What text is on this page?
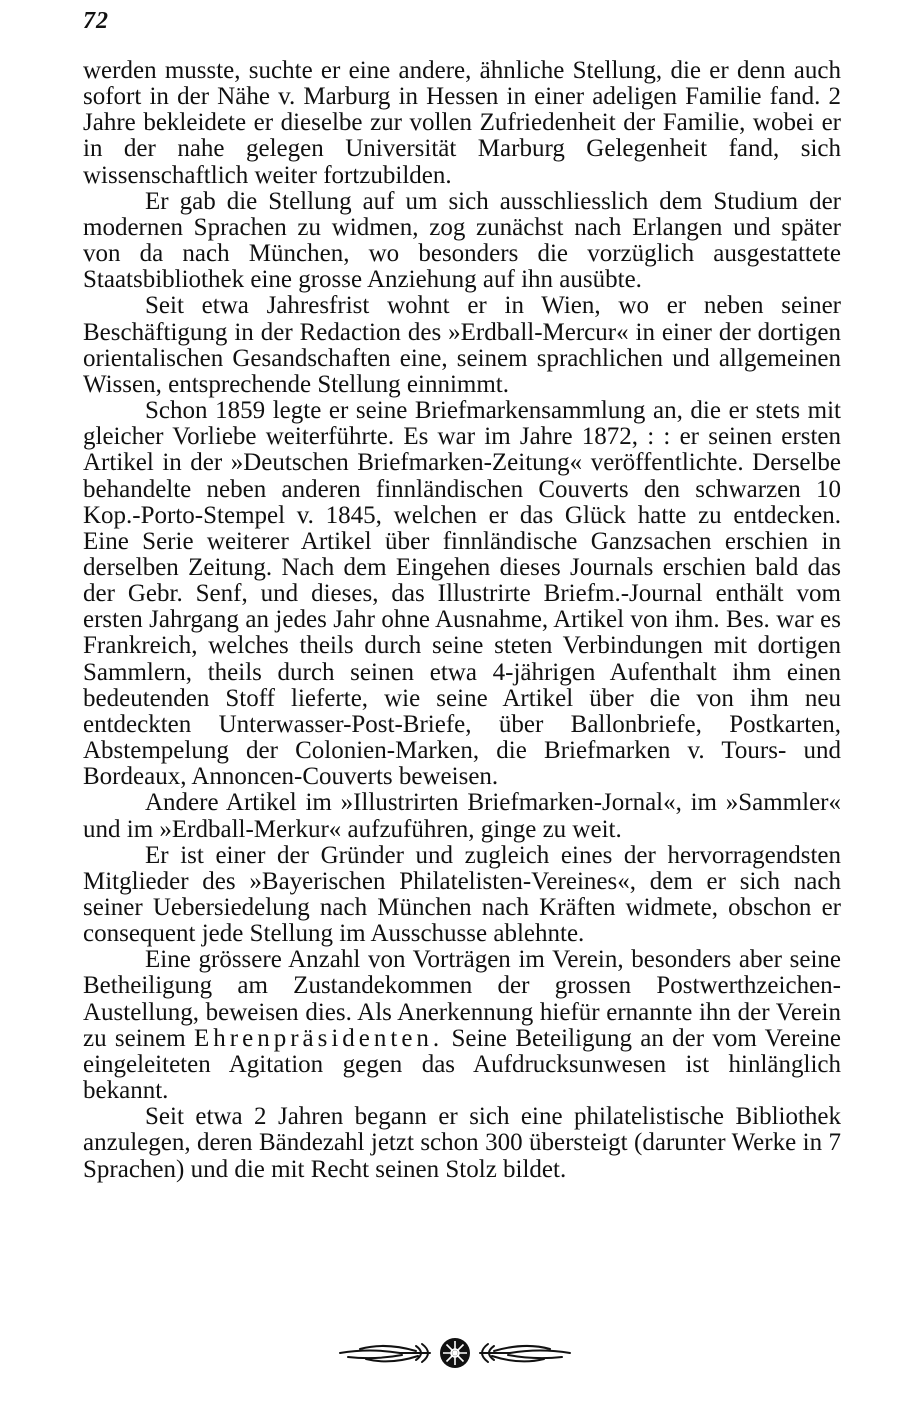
72

werden musste, suchte er eine andere, ähnliche Stellung, die er denn auch sofort in der Nähe v. Marburg in Hessen in einer adeligen Familie fand. 2 Jahre bekleidete er dieselbe zur vollen Zufriedenheit der Familie, wobei er in der nahe gelegen Universität Marburg Gelegenheit fand, sich wissenschaftlich weiter fortzubilden.

Er gab die Stellung auf um sich ausschliesslich dem Studium der modernen Sprachen zu widmen, zog zunächst nach Erlangen und später von da nach München, wo besonders die vorzüglich ausgestattete Staatsbibliothek eine grosse Anziehung auf ihn ausübte.

Seit etwa Jahresfrist wohnt er in Wien, wo er neben seiner Beschäftigung in der Redaction des »Erdball-Mercur« in einer der dortigen orientalischen Gesandschaften eine, seinem sprachlichen und allgemeinen Wissen, entsprechende Stellung einnimmt.

Schon 1859 legte er seine Briefmarkensammlung an, die er stets mit gleicher Vorliebe weiterführte. Es war im Jahre 1872, : : er seinen ersten Artikel in der »Deutschen Briefmarken-Zeitung« veröffentlichte. Derselbe behandelte neben anderen finnländischen Couverts den schwarzen 10 Kop.-Porto-Stempel v. 1845, welchen er das Glück hatte zu entdecken. Eine Serie weiterer Artikel über finnländische Ganzsachen erschien in derselben Zeitung. Nach dem Eingehen dieses Journals erschien bald das der Gebr. Senf, und dieses, das Illustrirte Briefm.-Journal enthält vom ersten Jahrgang an jedes Jahr ohne Ausnahme, Artikel von ihm. Bes. war es Frankreich, welches theils durch seine steten Verbindungen mit dortigen Sammlern, theils durch seinen etwa 4-jährigen Aufenthalt ihm einen bedeutenden Stoff lieferte, wie seine Artikel über die von ihm neu entdeckten Unterwasser-Post-Briefe, über Ballonbriefe, Postkarten, Abstempelung der Colonien-Marken, die Briefmarken v. Tours- und Bordeaux, Annoncen-Couverts beweisen.

Andere Artikel im »Illustrirten Briefmarken-Jornal«, im »Sammler« und im »Erdball-Merkur« aufzuführen, ginge zu weit.

Er ist einer der Gründer und zugleich eines der hervorragendsten Mitglieder des »Bayerischen Philatelisten-Vereines«, dem er sich nach seiner Uebersiedelung nach München nach Kräften widmete, obschon er consequent jede Stellung im Ausschusse ablehnte.

Eine grössere Anzahl von Vorträgen im Verein, besonders aber seine Betheiligung am Zustandekommen der grossen Postwerthzeichen-Austellung, beweisen dies. Als Anerkennung hiefür ernannte ihn der Verein zu seinem Ehrenpräsidenten. Seine Beteiligung an der vom Vereine eingeleiteten Agitation gegen das Aufdrucksunwesen ist hinlänglich bekannt.

Seit etwa 2 Jahren begann er sich eine philatelistische Bibliothek anzulegen, deren Bändezahl jetzt schon 300 übersteigt (darunter Werke in 7 Sprachen) und die mit Recht seinen Stolz bildet.
